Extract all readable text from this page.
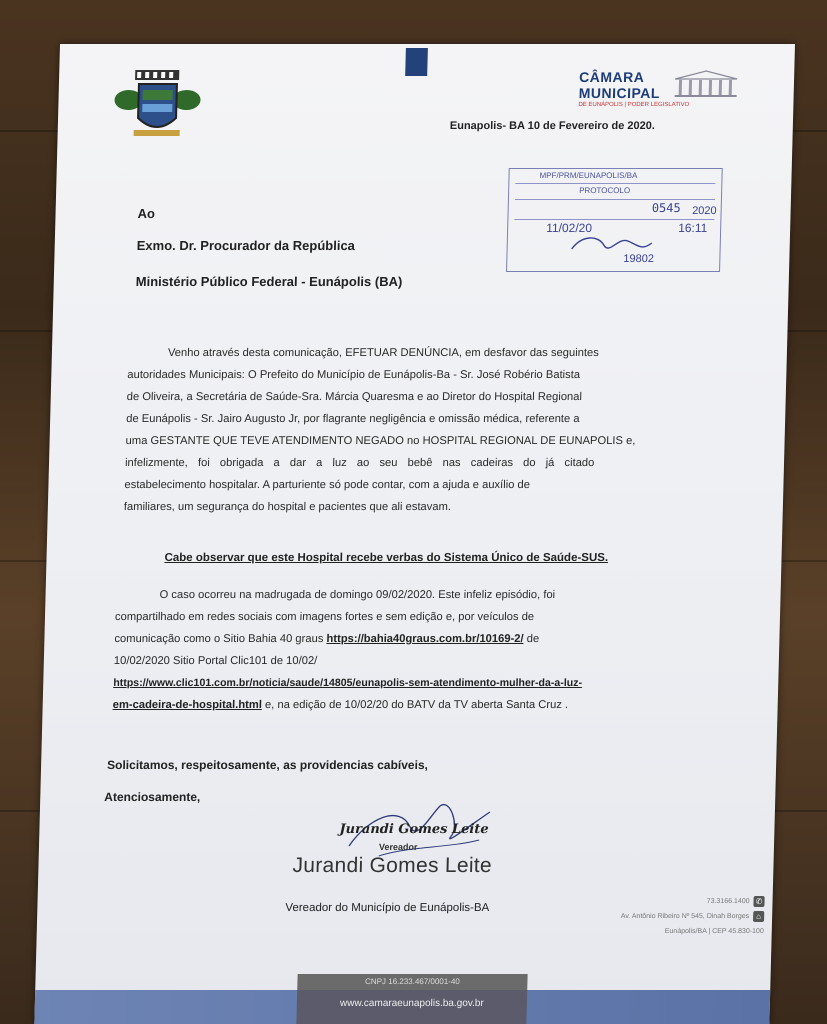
CÂMARA
MUNICIPAL
DE EUNÁPOLIS | PODER LEGISLATIVO
Eunapolis- BA 10 de Fevereiro de 2020.
MPF/PRM/EUNAPOLIS/BA
PROTOCOLO
0545 2020
11/02/20	16:11
19802
Ao
Exmo. Dr. Procurador da República
Ministério Público Federal - Eunápolis (BA)
Venho através desta comunicação, EFETUAR DENÚNCIA, em desfavor das seguintes
autoridades Municipais: O Prefeito do Município de Eunápolis-Ba - Sr. José Robério Batista
de Oliveira, a Secretária de Saúde-Sra. Márcia Quaresma e ao Diretor do Hospital Regional
de Eunápolis - Sr. Jairo Augusto Jr, por flagrante negligência e omissão médica, referente a
uma GESTANTE QUE TEVE ATENDIMENTO NEGADO no HOSPITAL REGIONAL DE EUNAPOLIS e,
infelizmente, foi obrigada a dar a luz ao seu bebê nas cadeiras do já citado
estabelecimento hospitalar. A parturiente só pode contar, com a ajuda e auxílio de
familiares, um segurança do hospital e pacientes que ali estavam.
Cabe observar que este Hospital recebe verbas do Sistema Único de Saúde-SUS.
O caso ocorreu na madrugada de domingo 09/02/2020. Este infeliz episódio, foi
compartilhado em redes sociais com imagens fortes e sem edição e, por veículos de
comunicação como o Sitio Bahia 40 graus https://bahia40graus.com.br/10169-2/ de
10/02/2020 Sitio Portal Clic101 de 10/02/
https://www.clic101.com.br/noticia/saude/14805/eunapolis-sem-atendimento-mulher-da-a-luz-
em-cadeira-de-hospital.html e, na edição de 10/02/20 do BATV da TV aberta Santa Cruz .
Solicitamos, respeitosamente, as providencias cabíveis,
Atenciosamente,
Jurandi Gomes Leite
Vereador
Jurandi Gomes Leite
Vereador do Município de Eunápolis-BA
73.3166.1400 ✆
Av. Antônio Ribeiro Nº 545, Dinah Borges ⌂
Eunápolis/BA | CEP 45.830-100
CNPJ 16.233.467/0001-40
www.camaraeunapolis.ba.gov.br
